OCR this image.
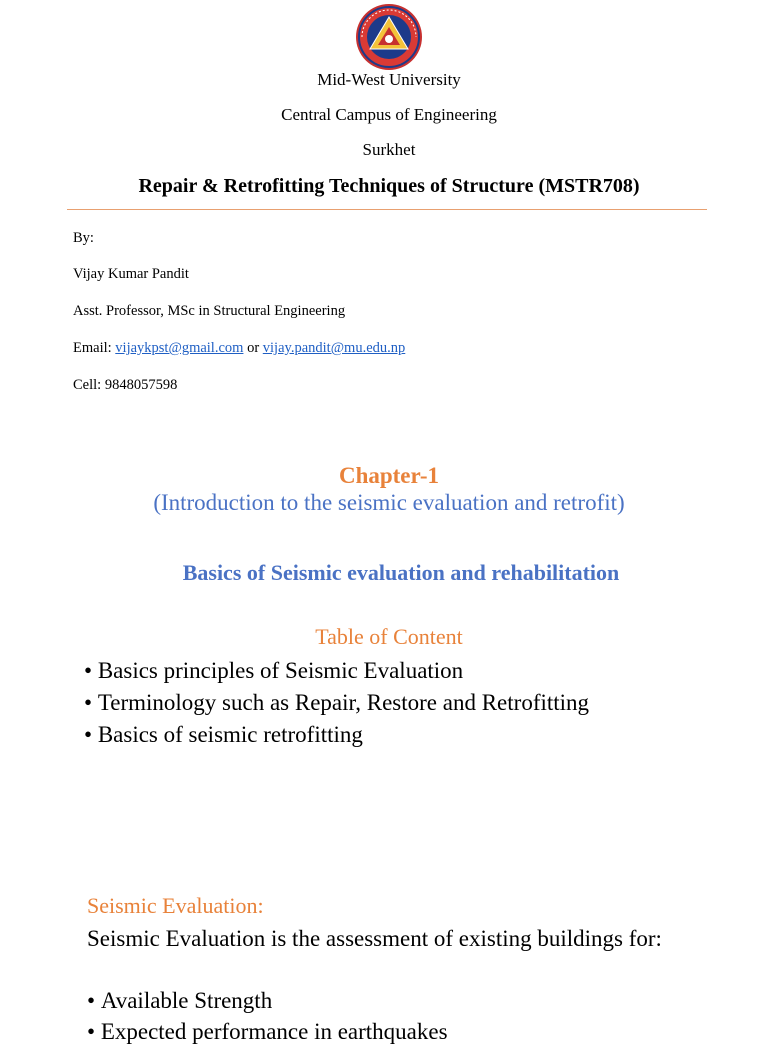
Mid-West University
Central Campus of Engineering
Surkhet
Repair & Retrofitting Techniques of Structure (MSTR708)
By:
Vijay Kumar Pandit
Asst. Professor, MSc in Structural Engineering
Email: vijaykpst@gmail.com or vijay.pandit@mu.edu.np
Cell: 9848057598
Chapter-1
(Introduction to the seismic evaluation and retrofit)
Basics of Seismic evaluation and rehabilitation
Table of Content
• Basics principles of Seismic Evaluation
• Terminology such as Repair, Restore and Retrofitting
• Basics of seismic retrofitting
Seismic Evaluation:
Seismic Evaluation is the assessment of existing buildings for:
• Available Strength
• Expected performance in earthquakes
